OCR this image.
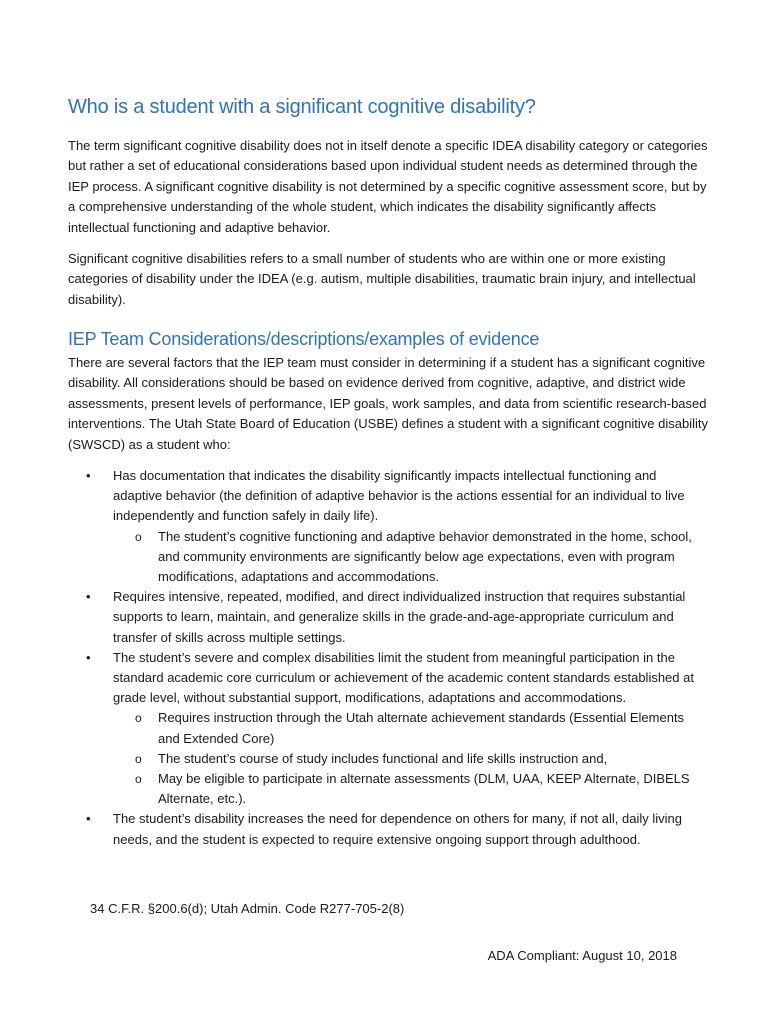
Who is a student with a significant cognitive disability?

The term significant cognitive disability does not in itself denote a specific IDEA disability category or categories but rather a set of educational considerations based upon individual student needs as determined through the IEP process. A significant cognitive disability is not determined by a specific cognitive assessment score, but by a comprehensive understanding of the whole student, which indicates the disability significantly affects intellectual functioning and adaptive behavior.

Significant cognitive disabilities refers to a small number of students who are within one or more existing categories of disability under the IDEA (e.g. autism, multiple disabilities, traumatic brain injury, and intellectual disability).

IEP Team Considerations/descriptions/examples of evidence

There are several factors that the IEP team must consider in determining if a student has a significant cognitive disability. All considerations should be based on evidence derived from cognitive, adaptive, and district wide assessments, present levels of performance, IEP goals, work samples, and data from scientific research-based interventions. The Utah State Board of Education (USBE) defines a student with a significant cognitive disability (SWSCD) as a student who:

• Has documentation that indicates the disability significantly impacts intellectual functioning and adaptive behavior (the definition of adaptive behavior is the actions essential for an individual to live independently and function safely in daily life).
o The student’s cognitive functioning and adaptive behavior demonstrated in the home, school, and community environments are significantly below age expectations, even with program modifications, adaptations and accommodations.
• Requires intensive, repeated, modified, and direct individualized instruction that requires substantial supports to learn, maintain, and generalize skills in the grade-and-age-appropriate curriculum and transfer of skills across multiple settings.
• The student’s severe and complex disabilities limit the student from meaningful participation in the standard academic core curriculum or achievement of the academic content standards established at grade level, without substantial support, modifications, adaptations and accommodations.
o Requires instruction through the Utah alternate achievement standards (Essential Elements and Extended Core)
o The student’s course of study includes functional and life skills instruction and,
o May be eligible to participate in alternate assessments (DLM, UAA, KEEP Alternate, DIBELS Alternate, etc.).
• The student’s disability increases the need for dependence on others for many, if not all, daily living needs, and the student is expected to require extensive ongoing support through adulthood.

34 C.F.R. §200.6(d); Utah Admin. Code R277-705-2(8)

ADA Compliant: August 10, 2018
